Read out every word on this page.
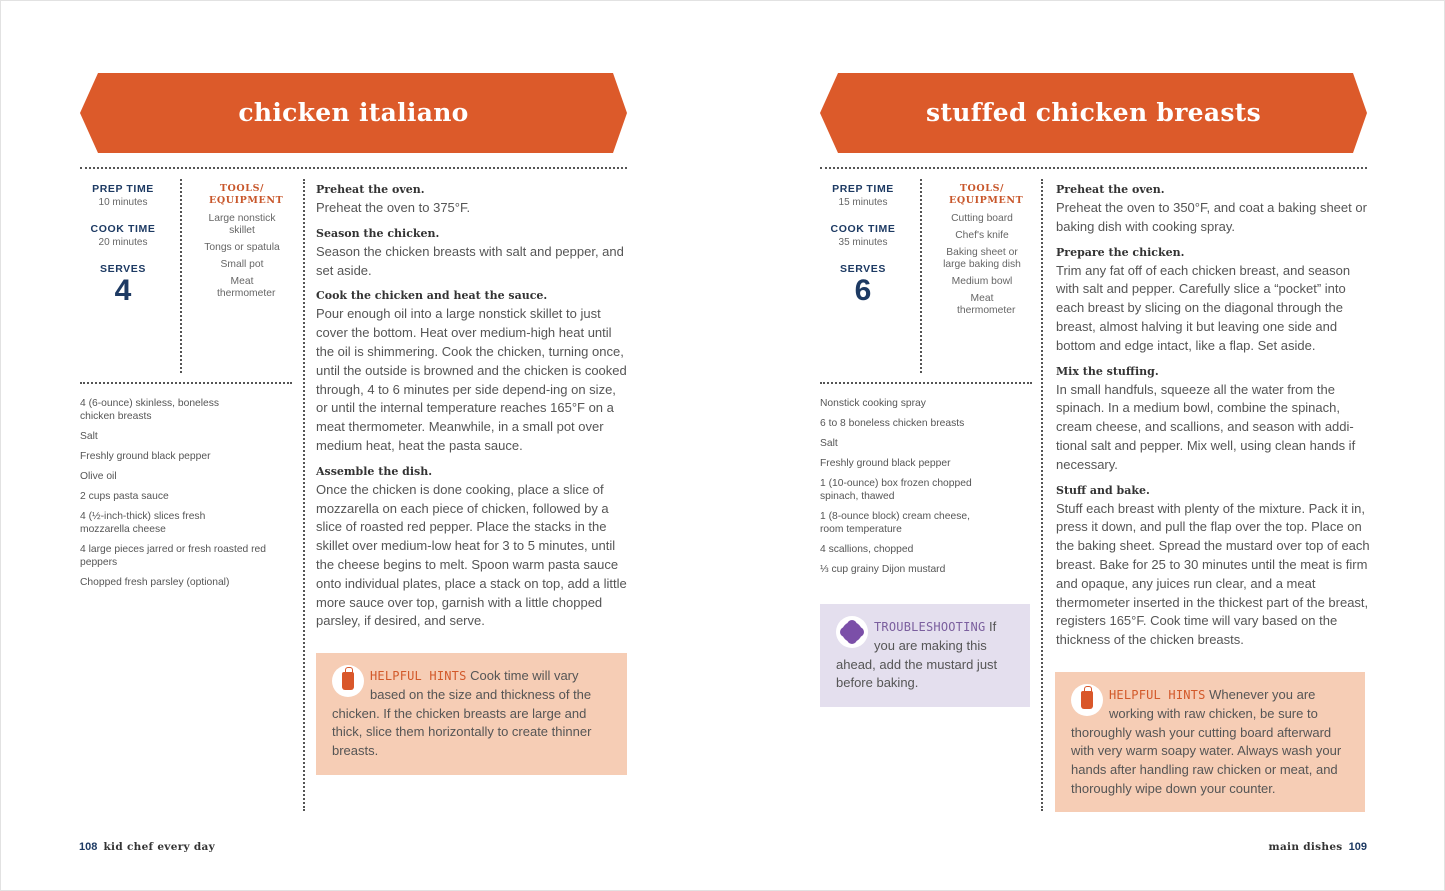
chicken italiano
PREP TIME
10 minutes
COOK TIME
20 minutes
SERVES
4
TOOLS/ EQUIPMENT
Large nonstick skillet
Tongs or spatula
Small pot
Meat thermometer
4 (6-ounce) skinless, boneless chicken breasts
Salt
Freshly ground black pepper
Olive oil
2 cups pasta sauce
4 (½-inch-thick) slices fresh mozzarella cheese
4 large pieces jarred or fresh roasted red peppers
Chopped fresh parsley (optional)
Preheat the oven.
Preheat the oven to 375°F.
Season the chicken.
Season the chicken breasts with salt and pepper, and set aside.
Cook the chicken and heat the sauce.
Pour enough oil into a large nonstick skillet to just cover the bottom. Heat over medium-high heat until the oil is shimmering. Cook the chicken, turning once, until the outside is browned and the chicken is cooked through, 4 to 6 minutes per side depend-ing on size, or until the internal temperature reaches 165°F on a meat thermometer. Meanwhile, in a small pot over medium heat, heat the pasta sauce.
Assemble the dish.
Once the chicken is done cooking, place a slice of mozzarella on each piece of chicken, followed by a slice of roasted red pepper. Place the stacks in the skillet over medium-low heat for 3 to 5 minutes, until the cheese begins to melt. Spoon warm pasta sauce onto individual plates, place a stack on top, add a little more sauce over top, garnish with a little chopped parsley, if desired, and serve.
HELPFUL HINTS Cook time will vary based on the size and thickness of the chicken. If the chicken breasts are large and thick, slice them horizontally to create thinner breasts.
108 kid chef every day
stuffed chicken breasts
PREP TIME
15 minutes
COOK TIME
35 minutes
SERVES
6
TOOLS/ EQUIPMENT
Cutting board
Chef's knife
Baking sheet or large baking dish
Medium bowl
Meat thermometer
Nonstick cooking spray
6 to 8 boneless chicken breasts
Salt
Freshly ground black pepper
1 (10-ounce) box frozen chopped spinach, thawed
1 (8-ounce block) cream cheese, room temperature
4 scallions, chopped
⅓ cup grainy Dijon mustard
TROUBLESHOOTING If you are making this ahead, add the mustard just before baking.
Preheat the oven.
Preheat the oven to 350°F, and coat a baking sheet or baking dish with cooking spray.
Prepare the chicken.
Trim any fat off of each chicken breast, and season with salt and pepper. Carefully slice a “pocket” into each breast by slicing on the diagonal through the breast, almost halving it but leaving one side and bottom and edge intact, like a flap. Set aside.
Mix the stuffing.
In small handfuls, squeeze all the water from the spinach. In a medium bowl, combine the spinach, cream cheese, and scallions, and season with addi-tional salt and pepper. Mix well, using clean hands if necessary.
Stuff and bake.
Stuff each breast with plenty of the mixture. Pack it in, press it down, and pull the flap over the top. Place on the baking sheet. Spread the mustard over top of each breast. Bake for 25 to 30 minutes until the meat is firm and opaque, any juices run clear, and a meat thermometer inserted in the thickest part of the breast, registers 165°F. Cook time will vary based on the thickness of the chicken breasts.
HELPFUL HINTS Whenever you are working with raw chicken, be sure to thoroughly wash your cutting board afterward with very warm soapy water. Always wash your hands after handling raw chicken or meat, and thoroughly wipe down your counter.
main dishes 109
